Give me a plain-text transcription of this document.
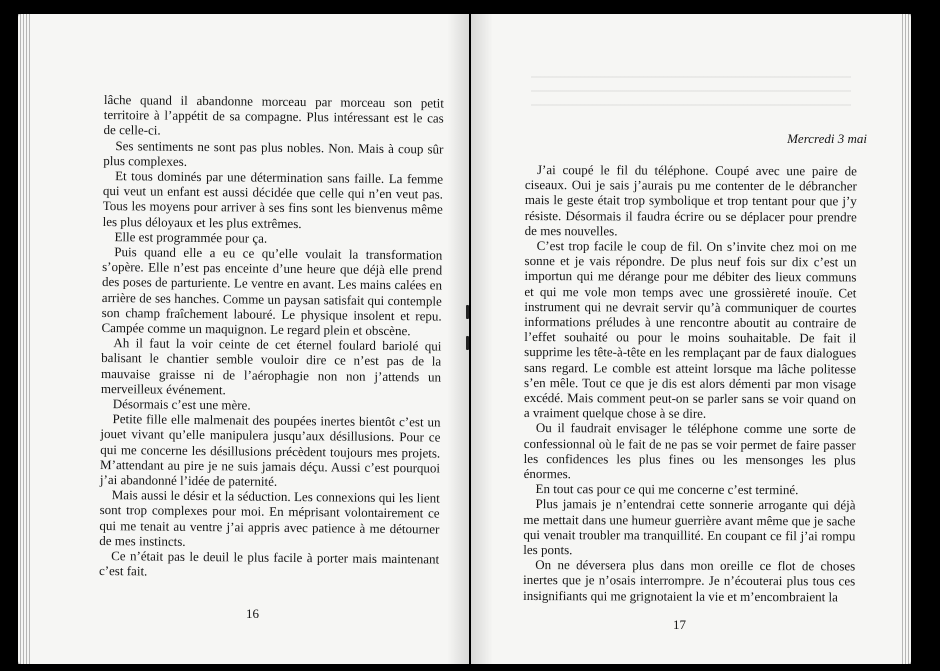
lâche quand il abandonne morceau par morceau son petit territoire à l’appétit de sa compagne. Plus intéressant est le cas de celle-ci.

Ses sentiments ne sont pas plus nobles. Non. Mais à coup sûr plus complexes.

Et tous dominés par une détermination sans faille. La femme qui veut un enfant est aussi décidée que celle qui n’en veut pas. Tous les moyens pour arriver à ses fins sont les bienvenus même les plus déloyaux et les plus extrêmes.

Elle est programmée pour ça.

Puis quand elle a eu ce qu’elle voulait la transformation s’opère. Elle n’est pas enceinte d’une heure que déjà elle prend des poses de parturiente. Le ventre en avant. Les mains calées en arrière de ses hanches. Comme un paysan satisfait qui contemple son champ fraîchement labouré. Le physique insolent et repu. Campée comme un maquignon. Le regard plein et obscène.

Ah il faut la voir ceinte de cet éternel foulard bariolé qui balisant le chantier semble vouloir dire ce n’est pas de la mauvaise graisse ni de l’aérophagie non non j’attends un merveilleux événement.

Désormais c’est une mère.

Petite fille elle malmenait des poupées inertes bientôt c’est un jouet vivant qu’elle manipulera jusqu’aux désillusions. Pour ce qui me concerne les désillusions précèdent toujours mes projets. M’attendant au pire je ne suis jamais déçu. Aussi c’est pourquoi j’ai abandonné l’idée de paternité.

Mais aussi le désir et la séduction. Les connexions qui les lient sont trop complexes pour moi. En méprisant volontairement ce qui me tenait au ventre j’ai appris avec patience à me détourner de mes instincts.

Ce n’était pas le deuil le plus facile à porter mais maintenant c’est fait.

16
Mercredi 3 mai

J’ai coupé le fil du téléphone. Coupé avec une paire de ciseaux. Oui je sais j’aurais pu me contenter de le débrancher mais le geste était trop symbolique et trop tentant pour que j’y résiste. Désormais il faudra écrire ou se déplacer pour prendre de mes nouvelles.

C’est trop facile le coup de fil. On s’invite chez moi on me sonne et je vais répondre. De plus neuf fois sur dix c’est un importun qui me dérange pour me débiter des lieux communs et qui me vole mon temps avec une grossièreté inouïe. Cet instrument qui ne devrait servir qu’à communiquer de courtes informations préludes à une rencontre aboutit au contraire de l’effet souhaité ou pour le moins souhaitable. De fait il supprime les tête-à-tête en les remplaçant par de faux dialogues sans regard. Le comble est atteint lorsque ma lâche politesse s’en mêle. Tout ce que je dis est alors démenti par mon visage excédé. Mais comment peut-on se parler sans se voir quand on a vraiment quelque chose à se dire.

Ou il faudrait envisager le téléphone comme une sorte de confessionnal où le fait de ne pas se voir permet de faire passer les confidences les plus fines ou les mensonges les plus énormes.

En tout cas pour ce qui me concerne c’est terminé.

Plus jamais je n’entendrai cette sonnerie arrogante qui déjà me mettait dans une humeur guerrière avant même que je sache qui venait troubler ma tranquillité. En coupant ce fil j’ai rompu les ponts.

On ne déversera plus dans mon oreille ce flot de choses inertes que je n’osais interrompre. Je n’écouterai plus tous ces insignifiants qui me grignotaient la vie et m’encombraient la

17
